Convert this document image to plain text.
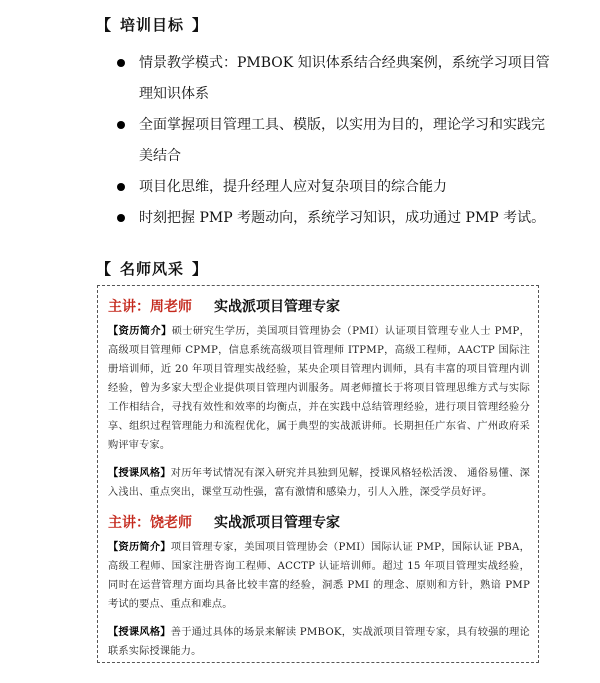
【 培训目标 】
情景教学模式：PMBOK 知识体系结合经典案例，系统学习项目管理知识体系
全面掌握项目管理工具、模版，以实用为目的，理论学习和实践完美结合
项目化思维，提升经理人应对复杂项目的综合能力
时刻把握 PMP 考题动向，系统学习知识，成功通过 PMP 考试。
【 名师风采 】
主讲：周老师 实战派项目管理专家

【资历简介】硕士研究生学历，美国项目管理协会（PMI）认证项目管理专业人士 PMP，高级项目管理师 CPMP，信息系统高级项目管理师 ITPMP，高级工程师，AACTP 国际注册培训师，近 20 年项目管理实战经验，某央企项目管理内训师，具有丰富的项目管理内训经验，曾为多家大型企业提供项目管理内训服务。周老师擅长于将项目管理思维方式与实际工作相结合，寻找有效性和效率的均衡点，并在实践中总结管理经验，进行项目管理经验分享、组织过程管理能力和流程优化，属于典型的实战派讲师。长期担任广东省、广州政府采购评审专家。

【授课风格】对历年考试情况有深入研究并具独到见解，授课风格轻松活泼、 通俗易懂、深入浅出、重点突出，课堂互动性强，富有激情和感染力，引人入胜，深受学员好评。

主讲：饶老师 实战派项目管理专家

【资历简介】项目管理专家，美国项目管理协会（PMI）国际认证 PMP，国际认证 PBA，高级工程师、国家注册咨询工程师、ACCTP 认证培训师。超过 15 年项目管理实战经验，同时在运营管理方面均具备比较丰富的经验，洞悉 PMI 的理念、原则和方针，熟谙 PMP 考试的要点、重点和难点。

【授课风格】善于通过具体的场景来解读 PMBOK，实战派项目管理专家，具有较强的理论联系实际授课能力。
